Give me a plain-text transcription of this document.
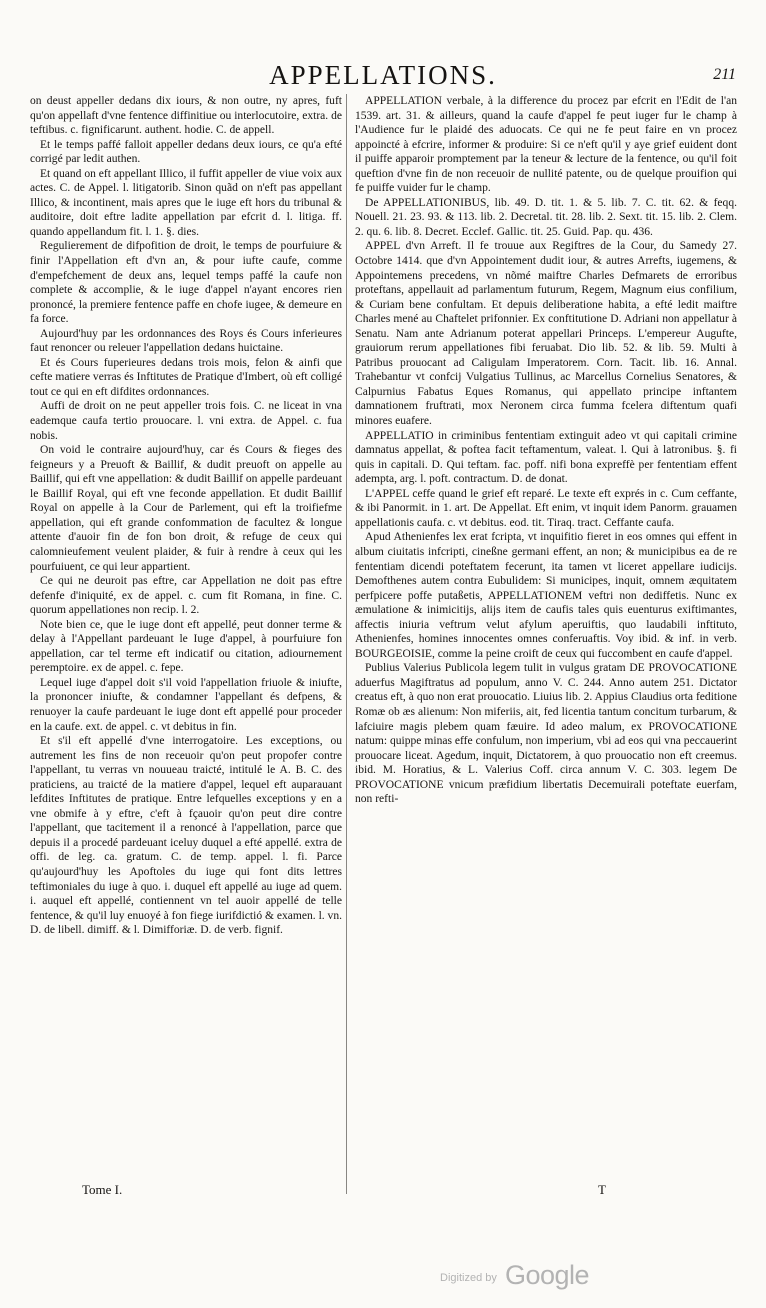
APPELLATIONS.	211

on deust appeller dedans dix iours, & non outre, ny apres, fuft qu'on appellaft d'vne fentence diffinitiue ou interlocutoire, extra. de teftibus. c. fignificarunt. authent. hodie. C. de appell.

Et le temps paffé falloit appeller dedans deux iours, ce qu'a efté corrigé par ledit authen.

Et quand on eft appellant Illico, il fuffit appeller de viue voix aux actes. C. de Appel. l. litigatorib. Sinon quãd on n'eft pas appellant Illico, & incontinent, mais apres que le iuge eft hors du tribunal & auditoire, doit eftre ladite appellation par efcrit d. l. litiga. ff. quando appellandum fit. l. 1. §. dies.

Regulierement de difpofition de droit, le temps de pourfuiure & finir l'Appellation eft d'vn an, & pour iufte caufe, comme d'empefchement de deux ans, lequel temps paffé la caufe non complete & accomplie, & le iuge d'appel n'ayant encores rien prononcé, la premiere fentence paffe en chofe iugee, & demeure en fa force.

Aujourd'huy par les ordonnances des Roys és Cours inferieures faut renoncer ou releuer l'appellation dedans huictaine.

Et és Cours fuperieures dedans trois mois, felon & ainfi que cefte matiere verras és Inftitutes de Pratique d'Imbert, où eft colligé tout ce qui en eft difdites ordonnances.

Auffi de droit on ne peut appeller trois fois. C. ne liceat in vna eademque caufa tertio prouocare. l. vni extra. de Appel. c. fua nobis.

On void le contraire aujourd'huy, car és Cours & fieges des feigneurs y a Preuoft & Baillif, & dudit preuoft on appelle au Baillif, qui eft vne appellation: & dudit Baillif on appelle pardeuant le Baillif Royal, qui eft vne feconde appellation. Et dudit Baillif Royal on appelle à la Cour de Parlement, qui eft la troifiefme appellation, qui eft grande confommation de facultez & longue attente d'auoir fin de fon bon droit, & refuge de ceux qui calomnieufement veulent plaider, & fuir à rendre à ceux qui les pourfuiuent, ce qui leur appartient.

Ce qui ne deuroit pas eftre, car Appellation ne doit pas eftre defenfe d'iniquité, ex de appel. c. cum fit Romana, in fine. C. quorum appellationes non recip. l. 2.

Note bien ce, que le iuge dont eft appellé, peut donner terme & delay à l'Appellant pardeuant le Iuge d'appel, à pourfuiure fon appellation, car tel terme eft indicatif ou citation, adiournement peremptoire. ex de appel. c. fepe.

Lequel iuge d'appel doit s'il void l'appellation friuole & iniufte, la prononcer iniufte, & condamner l'appellant és defpens, & renuoyer la caufe pardeuant le iuge dont eft appellé pour proceder en la caufe. ext. de appel. c. vt debitus in fin.

Et s'il eft appellé d'vne interrogatoire. Les exceptions, ou autrement les fins de non receuoir qu'on peut propofer contre l'appellant, tu verras vn nouueau traicté, intitulé le A. B. C. des praticiens, au traicté de la matiere d'appel, lequel eft auparauant lefdites Inftitutes de pratique. Entre lefquelles exceptions y en a vne obmife à y eftre, c'eft à fçauoir qu'on peut dire contre l'appellant, que tacitement il a renoncé à l'appellation, parce que depuis il a procedé pardeuant iceluy duquel a efté appellé. extra de offi. de leg. ca. gratum. C. de temp. appel. l. fi. Parce qu'aujourd'huy les Apoftoles du iuge qui font dits lettres teftimoniales du iuge à quo. i. duquel eft appellé au iuge ad quem. i. auquel eft appellé, contiennent vn tel auoir appellé de telle fentence, & qu'il luy enuoyé à fon fiege iurifdictió & examen. l. vn. D. de libell. dimiff. & l. Dimifforiæ. D. de verb. fignif.

APPELLATION verbale, à la difference du procez par efcrit en l'Edit de l'an 1539. art. 31. & ailleurs, quand la caufe d'appel fe peut iuger fur le champ à l'Audience fur le plaidé des aduocats. Ce qui ne fe peut faire en vn procez appoincté à efcrire, informer & produire: Si ce n'eft qu'il y aye grief euident dont il puiffe apparoir promptement par la teneur & lecture de la fentence, ou qu'il foit queftion d'vne fin de non receuoir de nullité patente, ou de quelque prouifion qui fe puiffe vuider fur le champ.

De APPELLATIONIBUS, lib. 49. D. tit. 1. & 5. lib. 7. C. tit. 62. & feqq. Nouell. 21. 23. 93. & 113. lib. 2. Decretal. tit. 28. lib. 2. Sext. tit. 15. lib. 2. Clem. 2. qu. 6. lib. 8. Decret. Ecclef. Gallic. tit. 25. Guid. Pap. qu. 436.

APPEL d'vn Arreft. Il fe trouue aux Regiftres de la Cour, du Samedy 27. Octobre 1414. que d'vn Appointement dudit iour, & autres Arrefts, iugemens, & Appointemens precedens, vn nõmé maiftre Charles Defmarets de erroribus proteftans, appellauit ad parlamentum futurum, Regem, Magnum eius confilium, & Curiam bene confultam. Et depuis deliberatione habita, a efté ledit maiftre Charles mené au Chaftelet prifonnier. Ex conftitutione D. Adriani non appellatur à Senatu. Nam ante Adrianum poterat appellari Princeps. L'empereur Augufte, grauiorum rerum appellationes fibi feruabat. Dio lib. 52. & lib. 59. Multi à Patribus prouocant ad Caligulam Imperatorem. Corn. Tacit. lib. 16. Annal. Trahebantur vt confcij Vulgatius Tullinus, ac Marcellus Cornelius Senatores, & Calpurnius Fabatus Eques Romanus, qui appellato principe inftantem damnationem fruftrati, mox Neronem circa fumma fcelera diftentum quafi minores euafere.

APPELLATIO in criminibus fententiam extinguit adeo vt qui capitali crimine damnatus appellat, & poftea facit teftamentum, valeat. l. Qui à latronibus. §. fi quis in capitali. D. Qui teftam. fac. poff. nifi bona expreffè per fententiam effent adempta, arg. l. poft. contractum. D. de donat.

L'APPEL ceffe quand le grief eft reparé. Le texte eft exprés in c. Cum ceffante, & ibi Panormit. in 1. art. De Appellat. Eft enim, vt inquit idem Panorm. grauamen appellationis caufa. c. vt debitus. eod. tit. Tiraq. tract. Ceffante caufa.

Apud Athenienfes lex erat fcripta, vt inquifitio fieret in eos omnes qui effent in album ciuitatis infcripti, cineßne germani effent, an non; & municipibus ea de re fententiam dicendi poteftatem fecerunt, ita tamen vt liceret appellare iudicijs. Demofthenes autem contra Eubulidem: Si municipes, inquit, omnem æquitatem perfpicere poffe putaßetis, APPELLATIONEM veftri non dediffetis. Nunc ex æmulatione & inimicitijs, alijs item de caufis tales quis euenturus exiftimantes, affectis iniuria veftrum velut afylum aperuiftis, quo laudabili inftituto, Athenienfes, homines innocentes omnes conferuaftis. Voy ibid. & inf. in verb. BOURGEOISIE, comme la peine croift de ceux qui fuccombent en caufe d'appel.

Publius Valerius Publicola legem tulit in vulgus gratam DE PROVOCATIONE aduerfus Magiftratus ad populum, anno V. C. 244. Anno autem 251. Dictator creatus eft, à quo non erat prouocatio. Liuius lib. 2. Appius Claudius orta feditione Romæ ob æs alienum: Non miferiis, ait, fed licentia tantum concitum turbarum, & lafciuire magis plebem quam fæuire. Id adeo malum, ex PROVOCATIONE natum: quippe minas effe confulum, non imperium, vbi ad eos qui vna peccauerint prouocare liceat. Agedum, inquit, Dictatorem, à quo prouocatio non eft creemus. ibid. M. Horatius, & L. Valerius Coff. circa annum V. C. 303. legem De PROVOCATIONE vnicum præfidium libertatis Decemuirali poteftate euerfam, non refti-

Tome I.	T
Digitized by Google
